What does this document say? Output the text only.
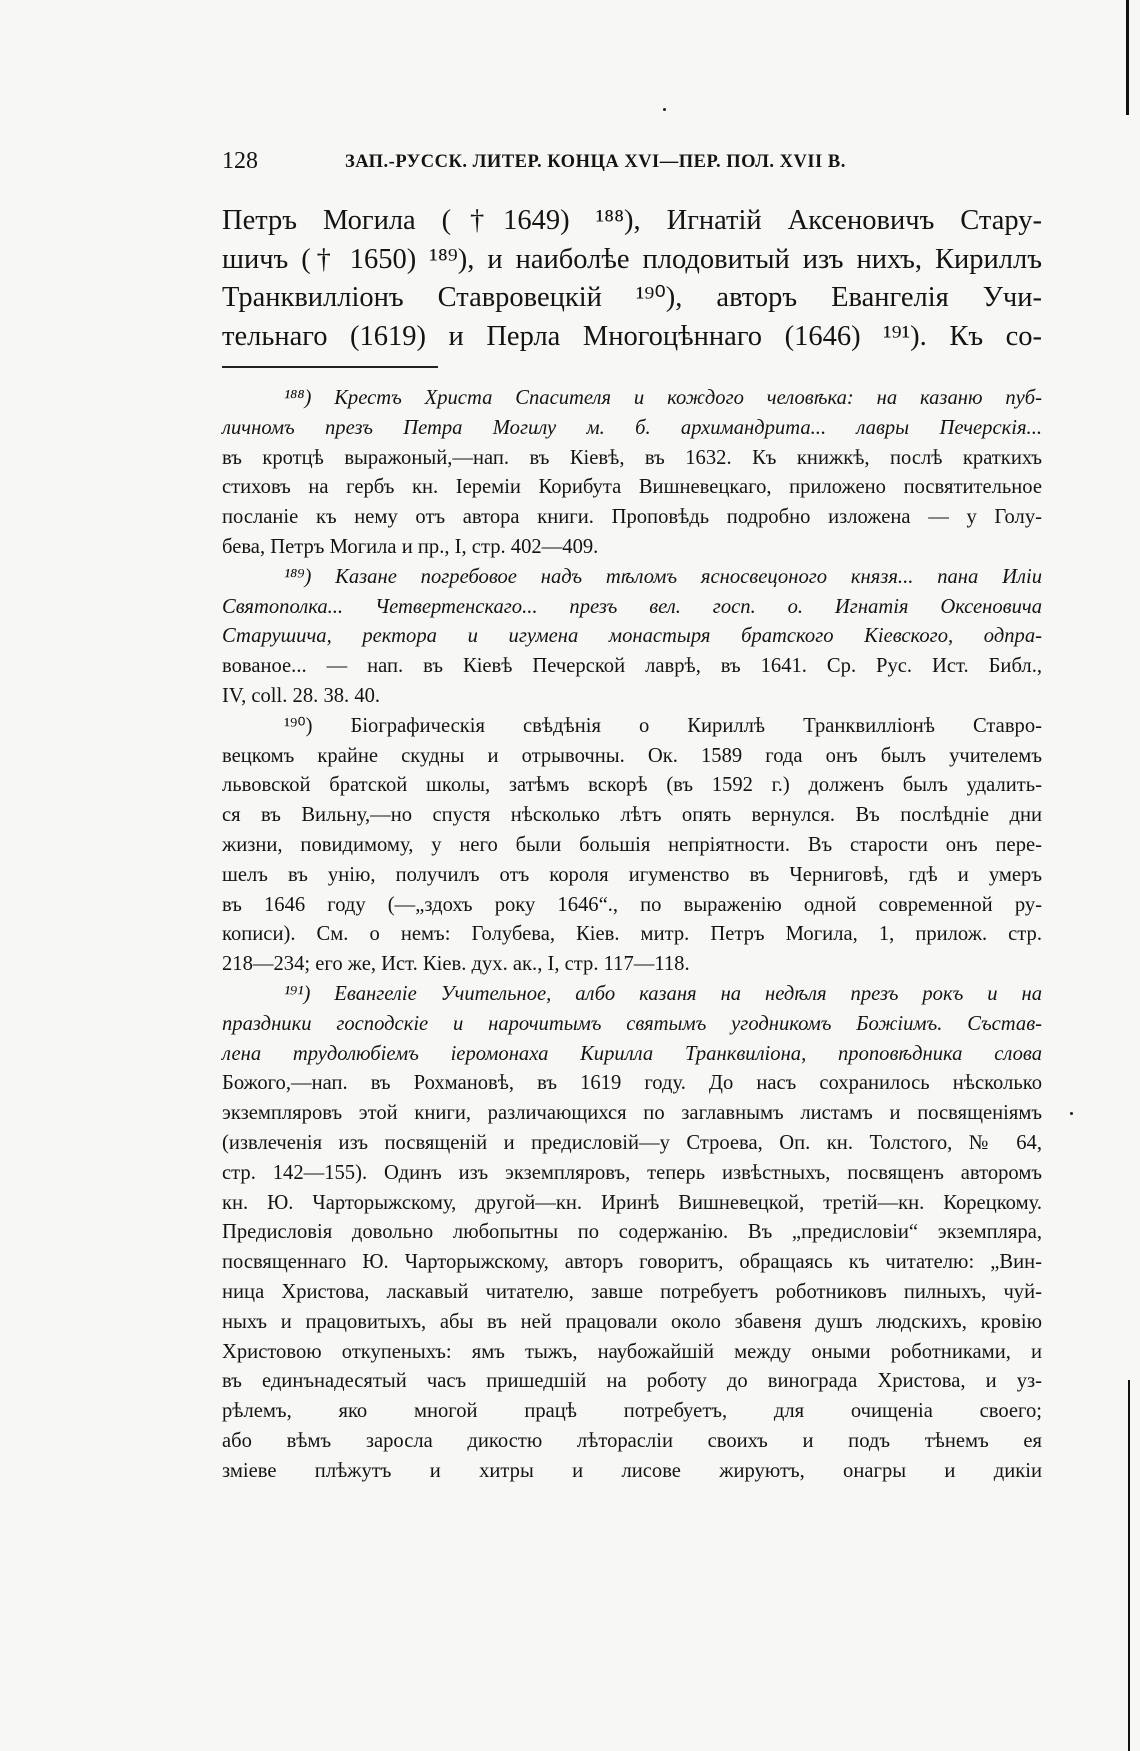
128	ЗАП.-РУССК. ЛИТЕР. КОНЦА XVI—ПЕР. ПОЛ. XVII В.
Петръ Могила (†1649) ¹⁸⁸), Игнатій Аксеновичъ Стару-
шичъ († 1650) ¹⁸⁹), и наиболѣе плодовитый изъ нихъ, Кириллъ
Транквилліонъ Ставровецкій ¹⁹⁰), авторъ Евангелія Учи-
тельнаго (1619) и Перла Многоцѣннаго (1646) ¹⁹¹). Къ со-
¹⁸⁸) Крестъ Христа Спасителя и кождого человѣка: на казаню пуб-
личномъ презъ Петра Могилу м. б. архимандрита... лавры Печерскія...
въ кротцѣ выражоный,—нап. въ Кіевѣ, въ 1632. Къ книжкѣ, послѣ краткихъ
стиховъ на гербъ кн. Іереміи Корибута Вишневецкаго, приложено посвятительное
посланіе къ нему отъ автора книги. Проповѣдь подробно изложена — у Голу-
бева, Петръ Могила и пр., І, стр. 402—409.
¹⁸⁹) Казане погребовое надъ тѣломъ ясносвецоного князя... пана Иліи
Святополка... Четвертенскаго... презъ вел. госп. о. Игнатія Оксеновича
Старушича, ректора и игумена монастыря братского Кіевского, одпра-
вованое... — нап. въ Кіевѣ Печерской лаврѣ, въ 1641. Ср. Рус. Ист. Библ.,
IV, coll. 28. 38. 40.
¹⁹⁰) Біографическія свѣдѣнія о Кириллѣ Транквилліонѣ Ставро-
вецкомъ крайне скудны и отрывочны. Ок. 1589 года онъ былъ учителемъ
львовской братской школы, затѣмъ вскорѣ (въ 1592 г.) долженъ былъ удалить-
ся въ Вильну,—но спустя нѣсколько лѣтъ опять вернулся. Въ послѣдніе дни
жизни, повидимому, у него были большія непріятности. Въ старости онъ пере-
шелъ въ унію, получилъ отъ короля игуменство въ Черниговѣ, гдѣ и умеръ
въ 1646 году (—„здохъ року 1646“., по выраженію одной современной ру-
кописи). См. о немъ: Голубева, Кіев. митр. Петръ Могила, 1, прилож. стр.
218—234; его же, Ист. Кіев. дух. ак., І, стр. 117—118.
¹⁹¹) Евангеліе Учительное, албо казаня на недѣля презъ рокъ и на
праздники господскіе и нарочитымъ святымъ угодникомъ Божіимъ. Състав-
лена трудолюбіемъ іеромонаха Кирилла Транквиліона, проповѣдника слова
Божого,—нап. въ Рохмановѣ, въ 1619 году. До насъ сохранилось нѣсколько
экземпляровъ этой книги, различающихся по заглавнымъ листамъ и посвященіямъ
(извлеченія изъ посвященій и предисловій—у Строева, Оп. кн. Толстого, № 64,
стр. 142—155). Одинъ изъ экземпляровъ, теперь извѣстныхъ, посвященъ авторомъ
кн. Ю. Чарторыжскому, другой—кн. Иринѣ Вишневецкой, третій—кн. Корецкому.
Предисловія довольно любопытны по содержанію. Въ „предисловіи“ экземпляра,
посвященнаго Ю. Чарторыжскому, авторъ говоритъ, обращаясь къ читателю: „Вин-
ница Христова, ласкавый читателю, завше потребуетъ роботниковъ пилныхъ, чуй-
ныхъ и працовитыхъ, абы въ ней працовали около збавеня душъ людскихъ, кровію
Христовою откупеныхъ: ямъ тыжъ, наубожайшій между оными роботниками, и
въ единънадесятый часъ пришедшій на роботу до винограда Христова, и уз-
рѣлемъ, яко многой працѣ потребуетъ, для очищеніа своего;
або вѣмъ заросла дикостю лѣторасліи своихъ и подъ тѣнемъ ея
зміеве плѣжутъ и хитры и лисове жируютъ, онагры и дикіи
